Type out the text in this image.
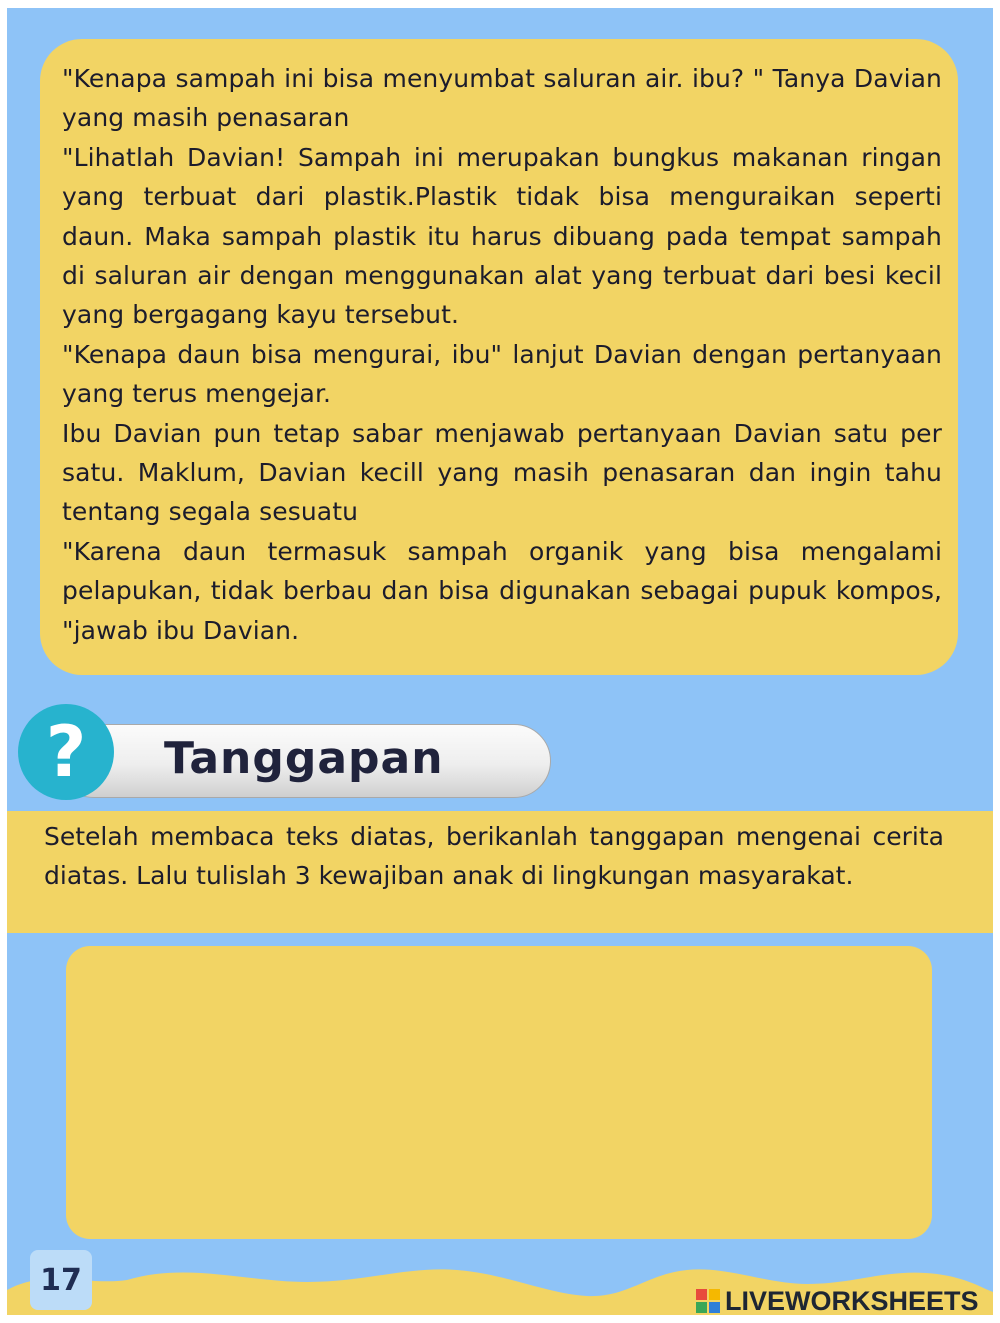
"Kenapa sampah ini bisa menyumbat saluran air. ibu? " Tanya Davian yang masih penasaran

"Lihatlah Davian! Sampah ini merupakan bungkus makanan ringan yang terbuat dari plastik.Plastik tidak bisa menguraikan seperti daun. Maka sampah plastik itu harus dibuang pada tempat sampah di saluran air dengan menggunakan alat yang terbuat dari besi kecil yang bergagang kayu tersebut.

"Kenapa daun bisa mengurai, ibu" lanjut Davian dengan pertanyaan yang terus mengejar.

Ibu Davian pun tetap sabar menjawab pertanyaan Davian satu per satu. Maklum, Davian kecill yang masih penasaran dan ingin tahu tentang segala sesuatu

"Karena daun termasuk sampah organik yang bisa mengalami pelapukan, tidak berbau dan bisa digunakan sebagai pupuk kompos, "jawab ibu Davian.

Tanggapan
?
Setelah membaca teks diatas, berikanlah tanggapan mengenai cerita diatas. Lalu tulislah 3 kewajiban anak di lingkungan masyarakat.
17
LIVEWORKSHEETS
